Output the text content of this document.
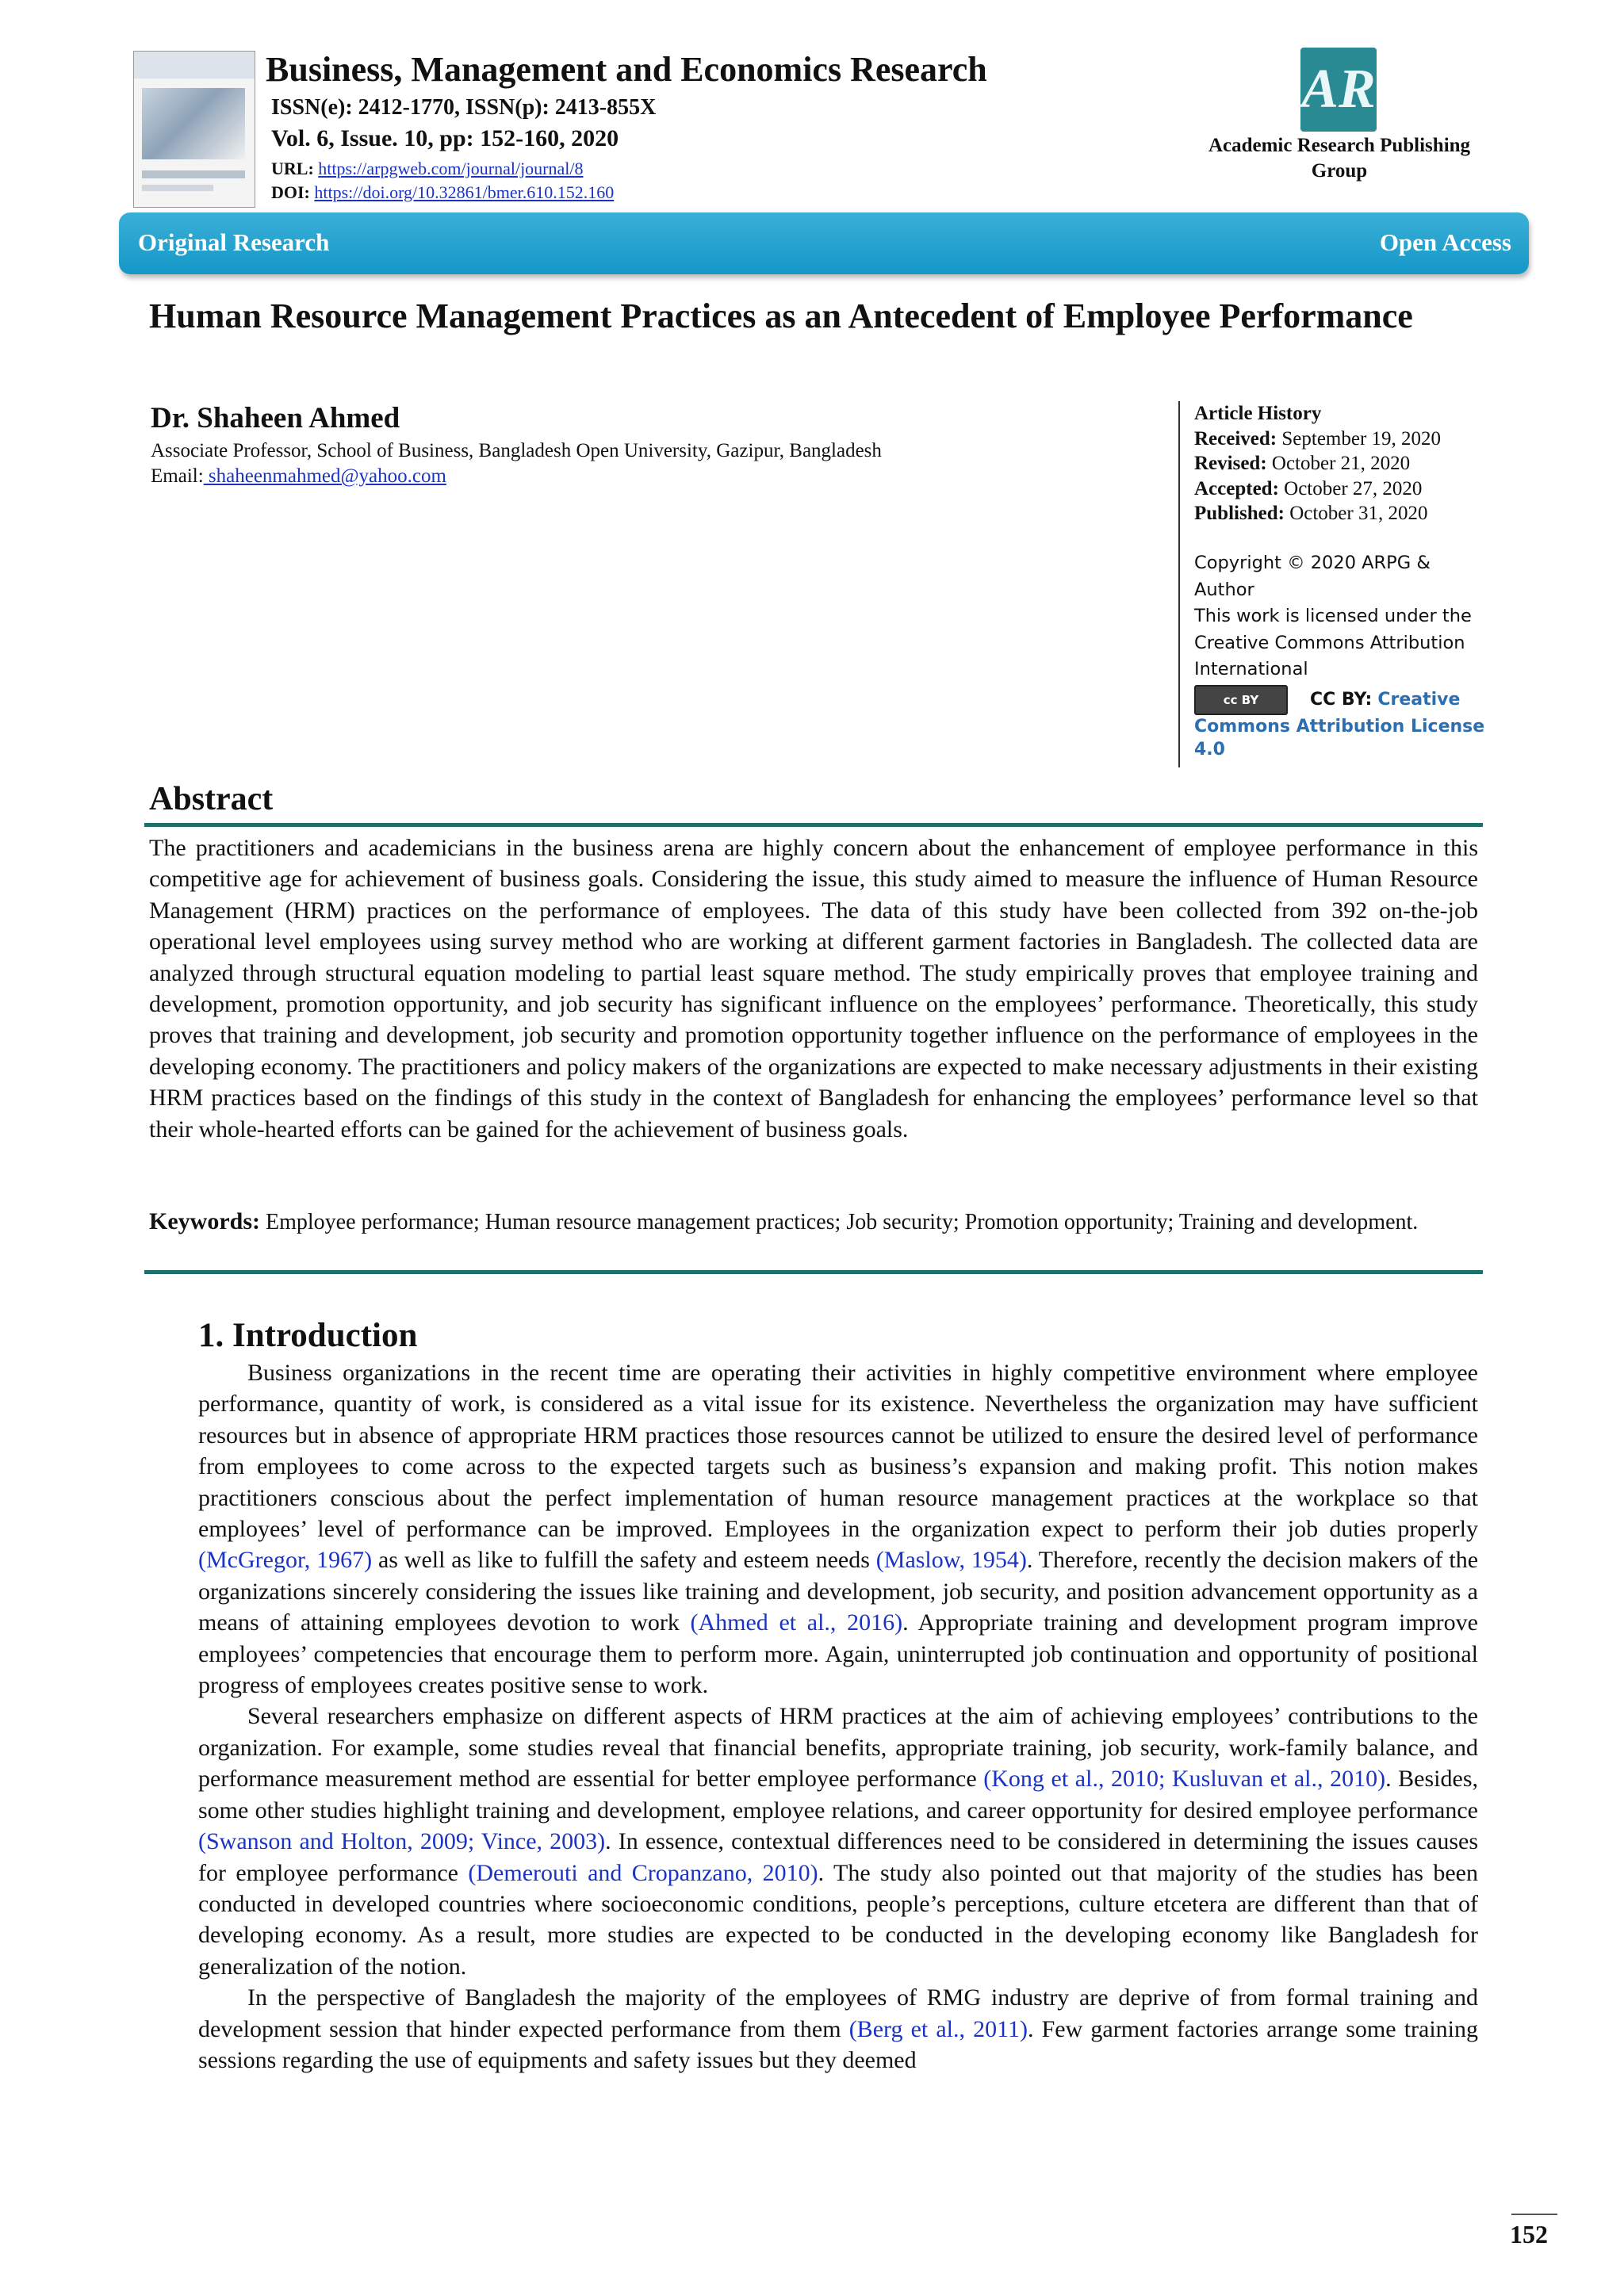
Business, Management and Economics Research
ISSN(e): 2412-1770, ISSN(p): 2413-855X
Vol. 6, Issue. 10, pp: 152-160, 2020
URL: https://arpgweb.com/journal/journal/8
DOI: https://doi.org/10.32861/bmer.610.152.160
AR
Academic Research Publishing Group
Original Research	Open Access
Human Resource Management Practices as an Antecedent of Employee Performance
Dr. Shaheen Ahmed
Associate Professor, School of Business, Bangladesh Open University, Gazipur, Bangladesh
Email: shaheenmahmed@yahoo.com
Article History
Received: September 19, 2020
Revised: October 21, 2020
Accepted: October 27, 2020
Published: October 31, 2020
Copyright © 2020 ARPG & Author
This work is licensed under the Creative Commons Attribution International
cc BY	CC BY: Creative Commons Attribution License 4.0
Abstract
The practitioners and academicians in the business arena are highly concern about the enhancement of employee performance in this competitive age for achievement of business goals. Considering the issue, this study aimed to measure the influence of Human Resource Management (HRM) practices on the performance of employees. The data of this study have been collected from 392 on-the-job operational level employees using survey method who are working at different garment factories in Bangladesh. The collected data are analyzed through structural equation modeling to partial least square method. The study empirically proves that employee training and development, promotion opportunity, and job security has significant influence on the employees’ performance. Theoretically, this study proves that training and development, job security and promotion opportunity together influence on the performance of employees in the developing economy. The practitioners and policy makers of the organizations are expected to make necessary adjustments in their existing HRM practices based on the findings of this study in the context of Bangladesh for enhancing the employees’ performance level so that their whole-hearted efforts can be gained for the achievement of business goals.
Keywords: Employee performance; Human resource management practices; Job security; Promotion opportunity; Training and development.
1. Introduction

Business organizations in the recent time are operating their activities in highly competitive environment where employee performance, quantity of work, is considered as a vital issue for its existence. Nevertheless the organization may have sufficient resources but in absence of appropriate HRM practices those resources cannot be utilized to ensure the desired level of performance from employees to come across to the expected targets such as business’s expansion and making profit. This notion makes practitioners conscious about the perfect implementation of human resource management practices at the workplace so that employees’ level of performance can be improved. Employees in the organization expect to perform their job duties properly (McGregor, 1967) as well as like to fulfill the safety and esteem needs (Maslow, 1954). Therefore, recently the decision makers of the organizations sincerely considering the issues like training and development, job security, and position advancement opportunity as a means of attaining employees devotion to work (Ahmed et al., 2016). Appropriate training and development program improve employees’ competencies that encourage them to perform more. Again, uninterrupted job continuation and opportunity of positional progress of employees creates positive sense to work.

Several researchers emphasize on different aspects of HRM practices at the aim of achieving employees’ contributions to the organization. For example, some studies reveal that financial benefits, appropriate training, job security, work-family balance, and performance measurement method are essential for better employee performance (Kong et al., 2010; Kusluvan et al., 2010). Besides, some other studies highlight training and development, employee relations, and career opportunity for desired employee performance (Swanson and Holton, 2009; Vince, 2003). In essence, contextual differences need to be considered in determining the issues causes for employee performance (Demerouti and Cropanzano, 2010). The study also pointed out that majority of the studies has been conducted in developed countries where socioeconomic conditions, people’s perceptions, culture etcetera are different than that of developing economy. As a result, more studies are expected to be conducted in the developing economy like Bangladesh for generalization of the notion.

In the perspective of Bangladesh the majority of the employees of RMG industry are deprive of from formal training and development session that hinder expected performance from them (Berg et al., 2011). Few garment factories arrange some training sessions regarding the use of equipments and safety issues but they deemed

152
